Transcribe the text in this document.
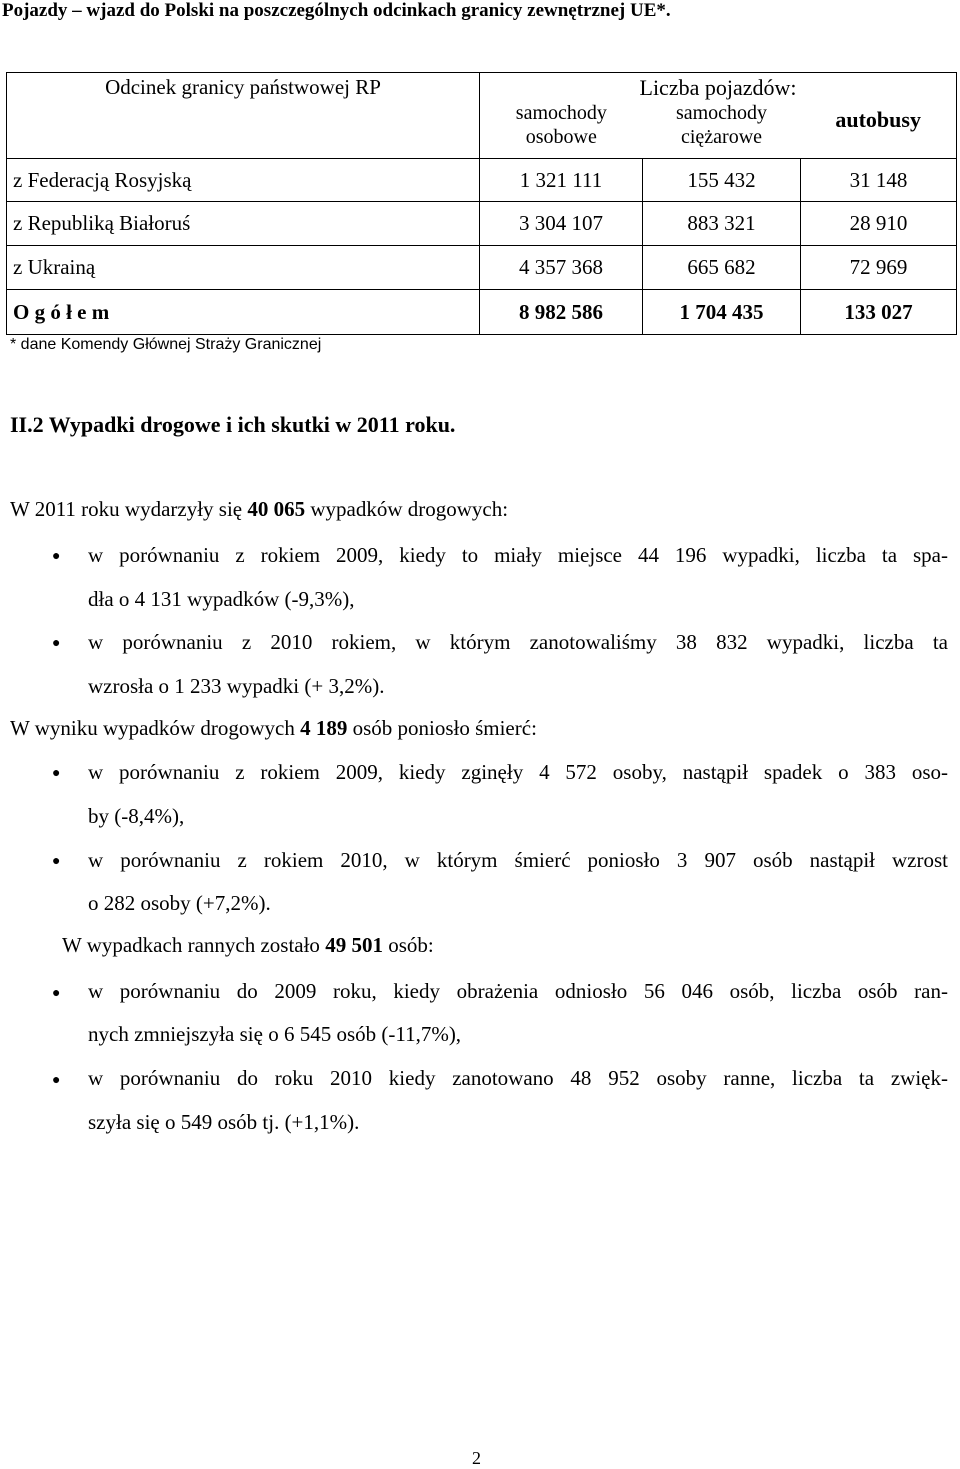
Pojazdy – wjazd do Polski na poszczególnych odcinkach granicy zewnętrznej UE*.
Odcinek granicy państwowej RP	Liczba pojazdów:
samochody osobowe
samochody ciężarowe
autobusy		

z Federacją Rosyjską	1 321 111	155 432	31 148
z Republiką Białoruś	3 304 107	883 321	28 910
z Ukrainą	4 357 368	665 682	72 969
O g ó ł e m	8 982 586	1 704 435	133 027
* dane Komendy Głównej Straży Granicznej
II.2 Wypadki drogowe i ich skutki w 2011 roku.
W 2011 roku wydarzyły się 40 065 wypadków drogowych:
● w porównaniu z rokiem 2009, kiedy to miały miejsce 44 196 wypadki, liczba ta spa-
dła o 4 131 wypadków (-9,3%),
● w porównaniu z 2010 rokiem, w którym zanotowaliśmy 38 832 wypadki, liczba ta
wzrosła o 1 233 wypadki (+ 3,2%).
W wyniku wypadków drogowych 4 189 osób poniosło śmierć:
● w porównaniu z rokiem 2009, kiedy zginęły 4 572 osoby, nastąpił spadek o 383 oso-
by (-8,4%),
● w porównaniu z rokiem 2010, w którym śmierć poniosło 3 907 osób nastąpił wzrost
o 282 osoby (+7,2%).
W wypadkach rannych zostało 49 501 osób:
● w porównaniu do 2009 roku, kiedy obrażenia odniosło 56 046 osób, liczba osób ran-
nych zmniejszyła się o 6 545 osób (-11,7%),
● w porównaniu do roku 2010 kiedy zanotowano 48 952 osoby ranne, liczba ta zwięk-
szyła się o 549 osób tj. (+1,1%).
2
